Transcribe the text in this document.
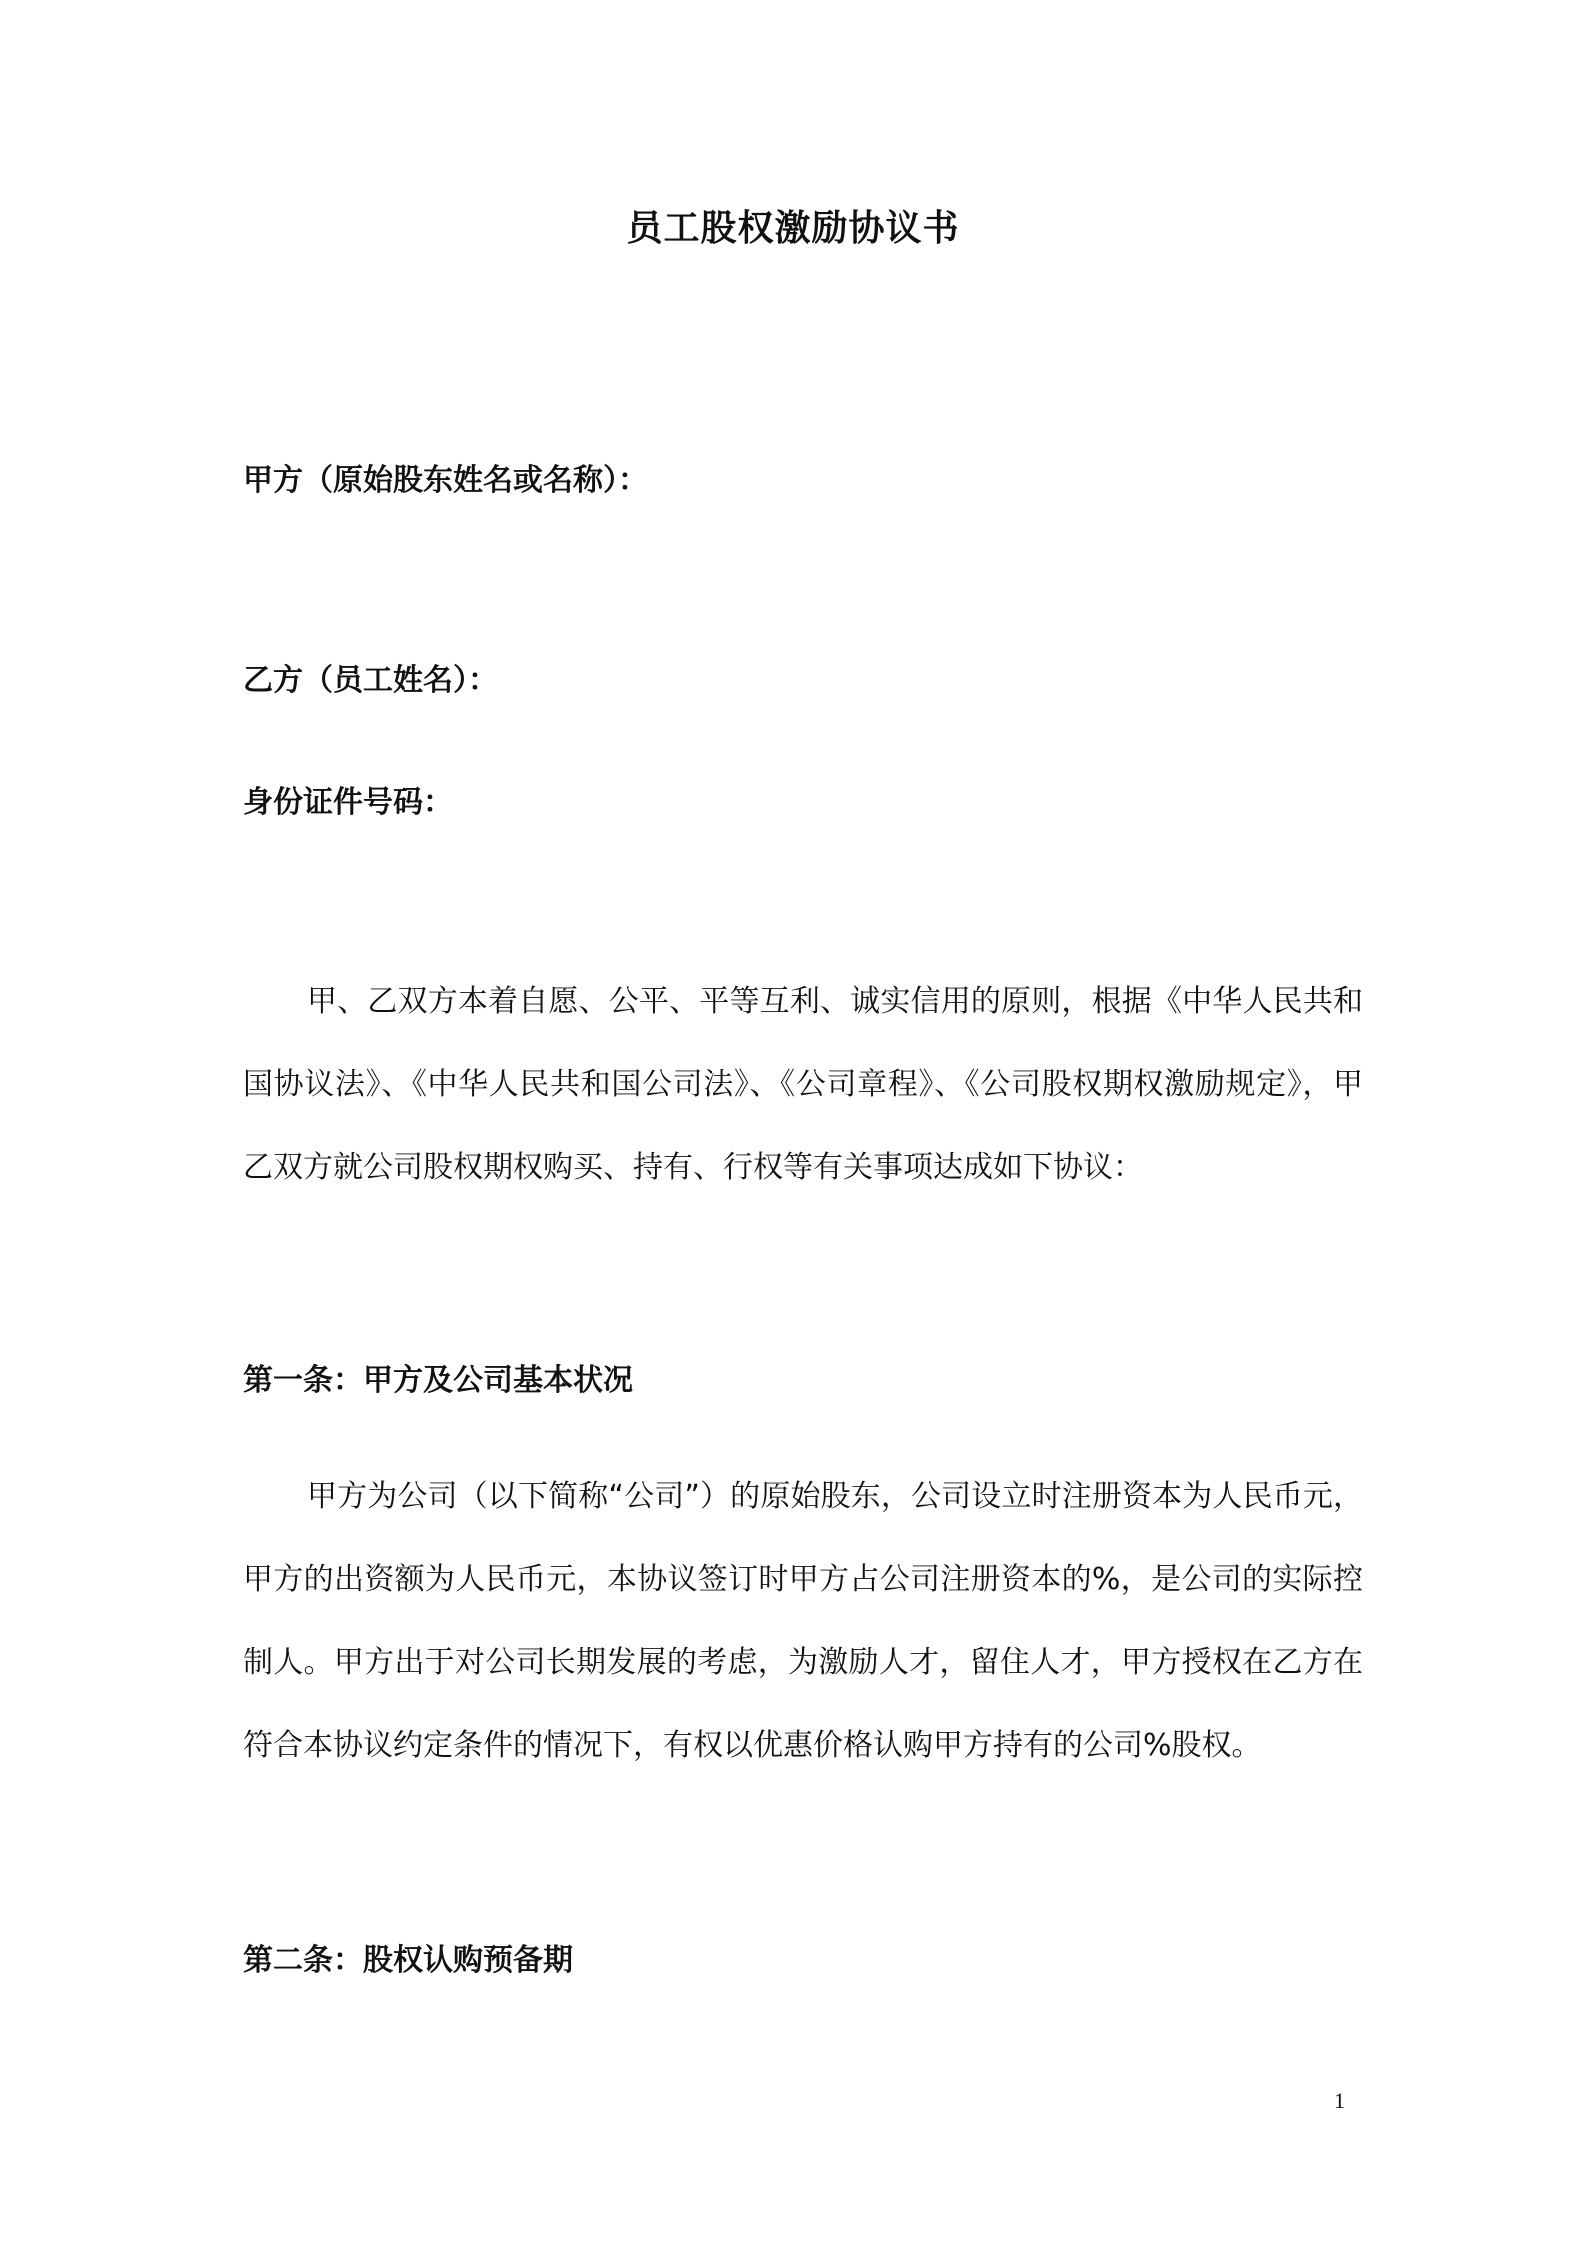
员工股权激励协议书
甲方（原始股东姓名或名称）：
乙方（员工姓名）：
身份证件号码：
甲、乙双方本着自愿、公平、平等互利、诚实信用的原则，根据《中华人民共和国协议法》、《中华人民共和国公司法》、《公司章程》、《公司股权期权激励规定》，甲乙双方就公司股权期权购买、持有、行权等有关事项达成如下协议：
第一条：甲方及公司基本状况
甲方为公司（以下简称“公司”）的原始股东，公司设立时注册资本为人民币元，甲方的出资额为人民币元，本协议签订时甲方占公司注册资本的%，是公司的实际控制人。甲方出于对公司长期发展的考虑，为激励人才，留住人才，甲方授权在乙方在符合本协议约定条件的情况下，有权以优惠价格认购甲方持有的公司%股权。
第二条：股权认购预备期
1
